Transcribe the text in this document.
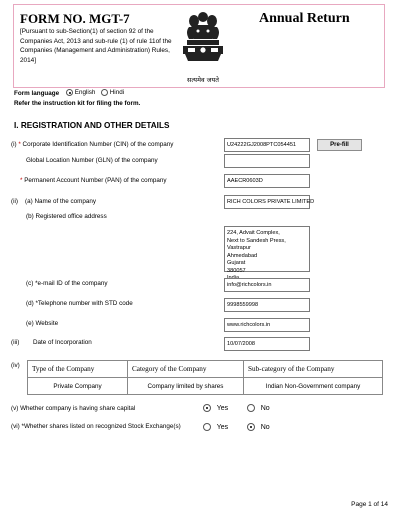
FORM NO. MGT-7
[Pursuant to sub-Section(1) of section 92 of the Companies Act, 2013 and sub-rule (1) of rule 11of the Companies (Management and Administration) Rules, 2014]
Annual Return
सत्यमेव जयते
Form language	English	Hindi
Refer the instruction kit for filing the form.
I. REGISTRATION AND OTHER DETAILS
(i) * Corporate Identification Number (CIN) of the company	U24222GJ2008PTC054451	Pre-fill
Global Location Number (GLN) of the company
* Permanent Account Number (PAN) of the company	AAECR0603D
(ii) (a) Name of the company	RICH COLORS PRIVATE LIMITED
(b) Registered office address
224, Advait Complex,
Next to Sandesh Press, Vastrapur
Ahmedabad
Gujarat
380057
(c) *e-mail ID of the company	info@richcolors.in
(d) *Telephone number with STD code	9998559998
(e) Website	www.richcolors.in
(iii) Date of Incorporation	10/07/2008
(iv) Type of the Company	Category of the Company	Sub-category of the Company
Private Company	Company limited by shares	Indian Non-Government company
(v) Whether company is having share capital	Yes	No
(vi) *Whether shares listed on recognized Stock Exchange(s)	Yes	No
Page 1 of 14
